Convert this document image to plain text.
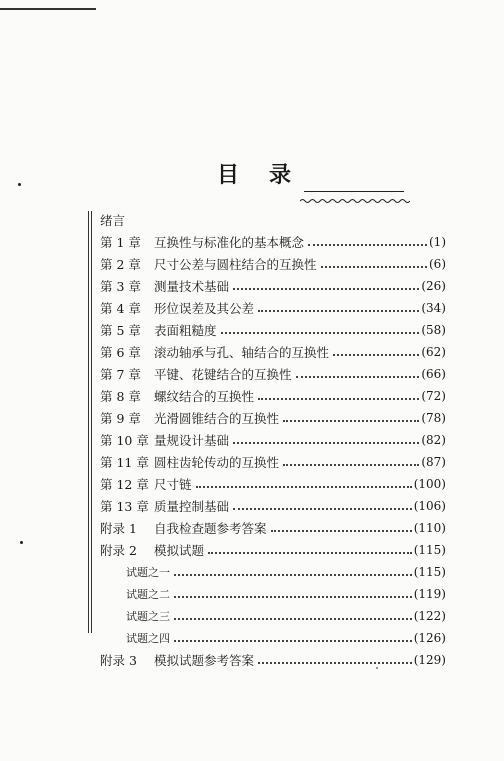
目 录
绪言
第 1 章	互换性与标准化的基本概念	(1)
第 2 章	尺寸公差与圆柱结合的互换性	(6)
第 3 章	测量技术基础	(26)
第 4 章	形位误差及其公差	(34)
第 5 章	表面粗糙度	(58)
第 6 章	滚动轴承与孔、轴结合的互换性	(62)
第 7 章	平键、花键结合的互换性	(66)
第 8 章	螺纹结合的互换性	(72)
第 9 章	光滑圆锥结合的互换性	(78)
第 10 章 量规设计基础	(82)
第 11 章 圆柱齿轮传动的互换性	(87)
第 12 章 尺寸链	(100)
第 13 章 质量控制基础	(106)
附录 1	自我检查题参考答案	(110)
附录 2	模拟试题	(115)
试题之一	(115)
试题之二	(119)
试题之三	(122)
试题之四	(126)
附录 3	模拟试题参考答案	(129)
